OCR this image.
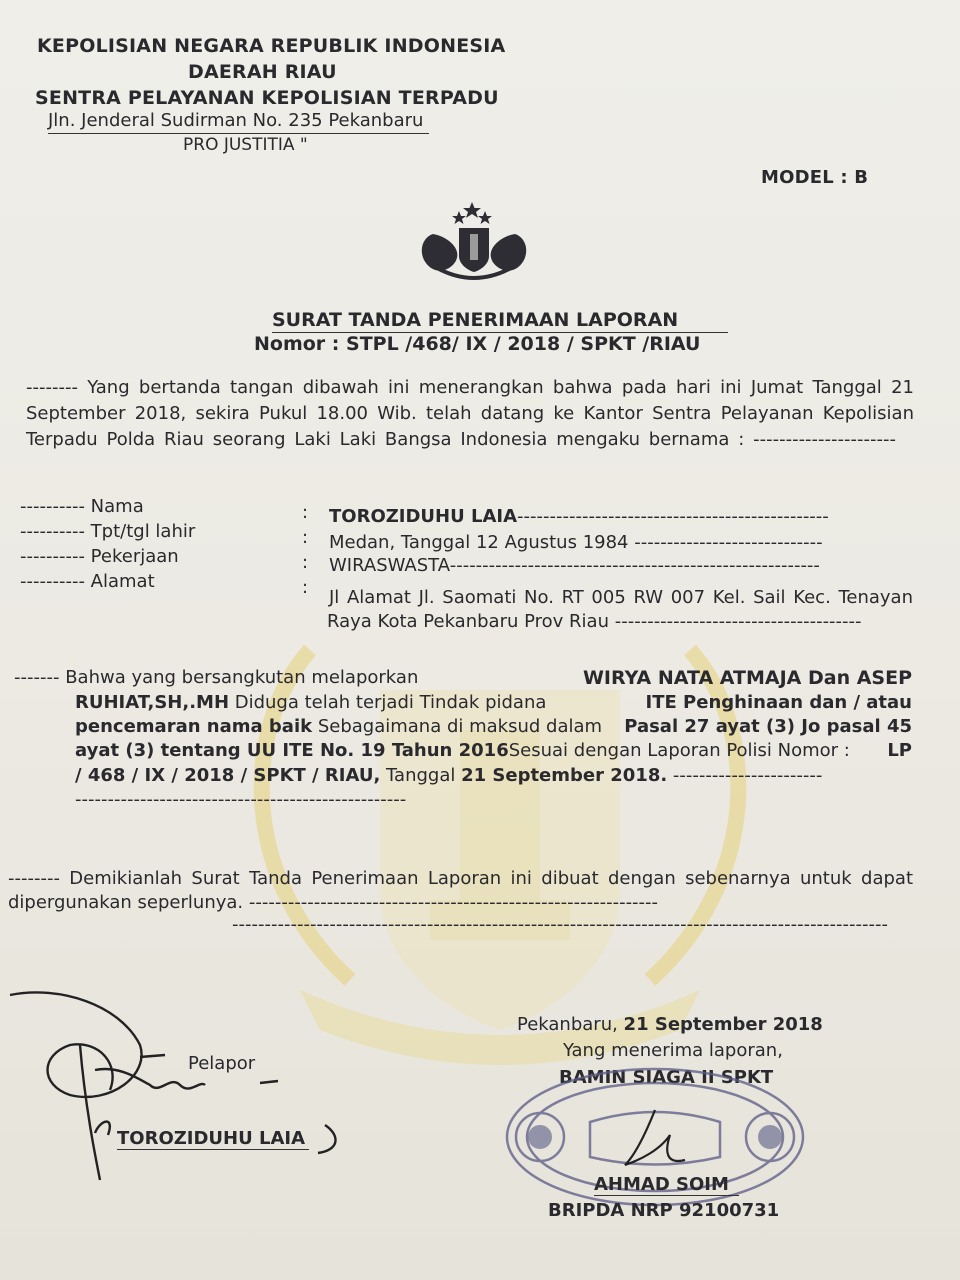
KEPOLISIAN NEGARA REPUBLIK INDONESIA
DAERAH RIAU
SENTRA PELAYANAN KEPOLISIAN TERPADU
Jln. Jenderal Sudirman No. 235 Pekanbaru
PRO JUSTITIA "
MODEL : B
SURAT TANDA PENERIMAAN LAPORAN
Nomor : STPL /468/ IX / 2018 / SPKT /RIAU
-------- Yang bertanda tangan dibawah ini menerangkan bahwa pada hari ini Jumat Tanggal 21
September 2018, sekira Pukul 18.00 Wib. telah datang ke Kantor Sentra Pelayanan Kepolisian
Terpadu Polda Riau seorang Laki Laki Bangsa Indonesia mengaku bernama : ----------------------
---------- Nama
---------- Tpt/tgl lahir
---------- Pekerjaan
---------- Alamat
:
:
:
:
TOROZIDUHU LAIA------------------------------------------------
Medan, Tanggal 12 Agustus 1984 -----------------------------
WIRASWASTA---------------------------------------------------------
Jl Alamat Jl. Saomati No. RT 005 RW 007 Kel. Sail Kec. Tenayan
Raya Kota Pekanbaru Prov Riau --------------------------------------
------- Bahwa yang bersangkutan melaporkan	WIRYA NATA ATMAJA Dan ASEP
RUHIAT,SH,.MH Diduga telah terjadi Tindak pidana	ITE Penghinaan dan / atau
pencemaran nama baik Sebagaimana di maksud dalam Pasal 27 ayat (3) Jo pasal 45
ayat (3) tentang UU ITE No. 19 Tahun 2016Sesuai dengan Laporan Polisi Nomor : LP
/ 468 / IX / 2018 / SPKT / RIAU, Tanggal 21 September 2018. -----------------------
---------------------------------------------------
-------- Demikianlah Surat Tanda Penerimaan Laporan ini dibuat dengan sebenarnya untuk dapat
dipergunakan seperlunya. ---------------------------------------------------------------
-----------------------------------------------------------------------------------------------------
Pekanbaru, 21 September 2018
Yang menerima laporan,
BAMIN SIAGA II SPKT
AHMAD SOIM
BRIPDA NRP 92100731
Pelapor
TOROZIDUHU LAIA
